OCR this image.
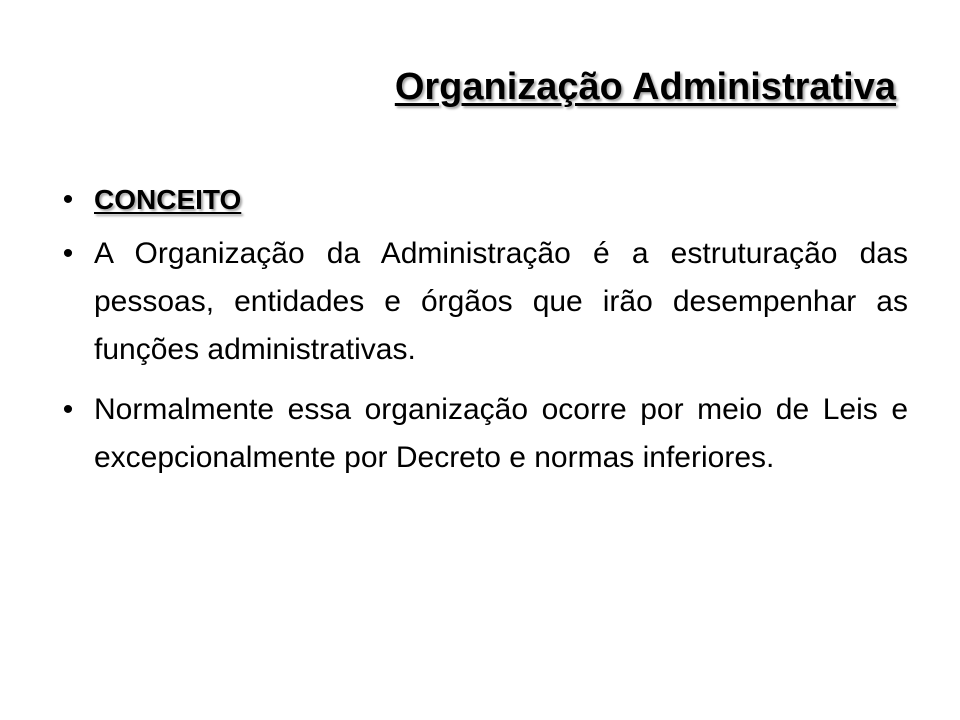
Organização Administrativa
• CONCEITO
• A Organização da Administração é a estruturação das pessoas, entidades e órgãos que irão desempenhar as funções administrativas.
• Normalmente essa organização ocorre por meio de Leis e excepcionalmente por Decreto e normas inferiores.
